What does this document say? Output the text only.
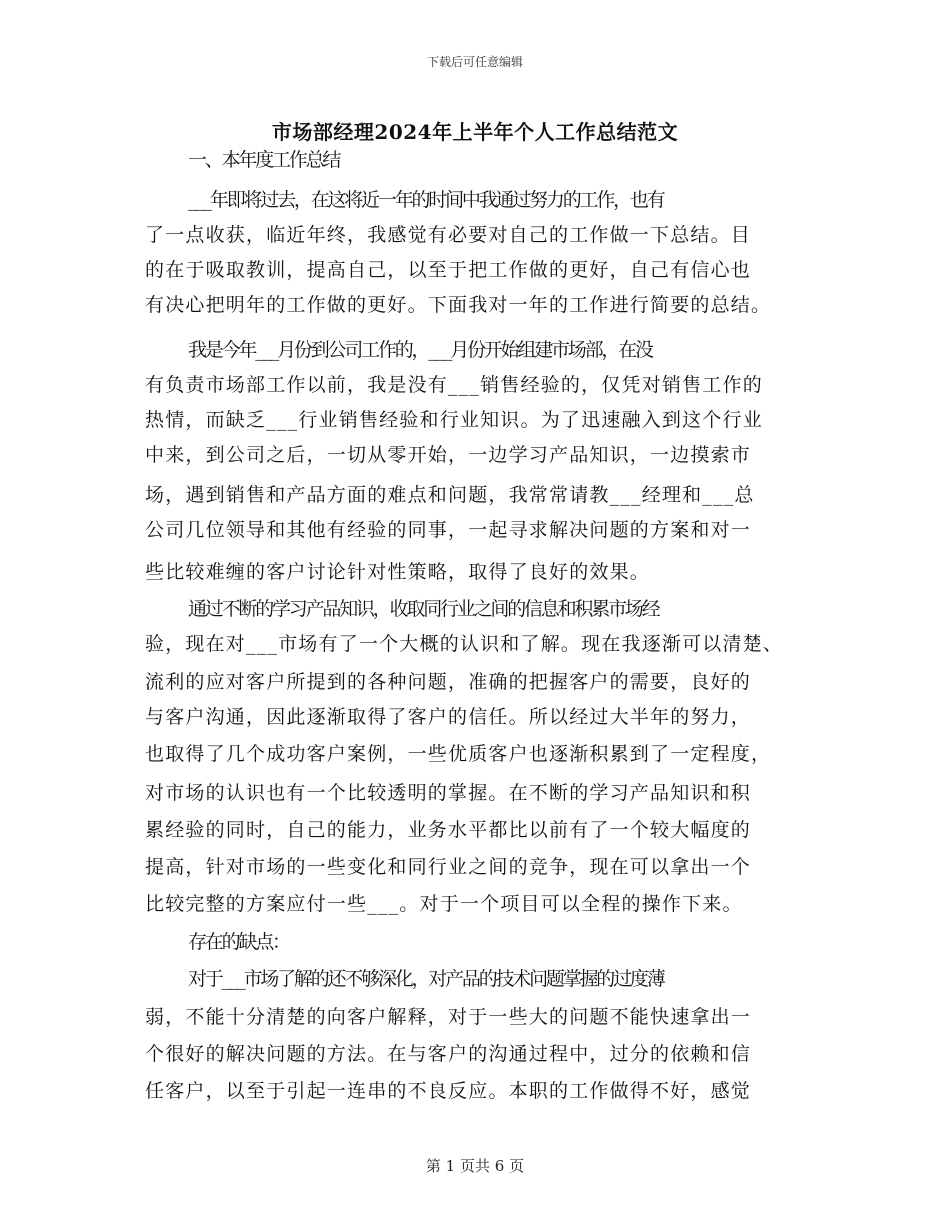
下载后可任意编辑
市场部经理2024年上半年个人工作总结范文
一、本年度工作总结
___年即将过去，在这将近一年的时间中我通过努力的工作，也有
了一点收获，临近年终，我感觉有必要对自己的工作做一下总结。目
的在于吸取教训，提高自己，以至于把工作做的更好，自己有信心也
有决心把明年的工作做的更好。下面我对一年的工作进行简要的总结。
我是今年___月份到公司工作的，___月份开始组建市场部，在没
有负责市场部工作以前，我是没有___销售经验的，仅凭对销售工作的
热情，而缺乏___行业销售经验和行业知识。为了迅速融入到这个行业
中来，到公司之后，一切从零开始，一边学习产品知识，一边摸索市
场，遇到销售和产品方面的难点和问题，我常常请教___经理和___总
公司几位领导和其他有经验的同事，一起寻求解决问题的方案和对一
些比较难缠的客户讨论针对性策略，取得了良好的效果。
通过不断的学习产品知识，收取同行业之间的信息和积累市场经
验，现在对___市场有了一个大概的认识和了解。现在我逐渐可以清楚、
流利的应对客户所提到的各种问题，准确的把握客户的需要，良好的
与客户沟通，因此逐渐取得了客户的信任。所以经过大半年的努力，
也取得了几个成功客户案例，一些优质客户也逐渐积累到了一定程度，
对市场的认识也有一个比较透明的掌握。在不断的学习产品知识和积
累经验的同时，自己的能力，业务水平都比以前有了一个较大幅度的
提高，针对市场的一些变化和同行业之间的竞争，现在可以拿出一个
比较完整的方案应付一些___。对于一个项目可以全程的操作下来。
存在的缺点：
对于___市场了解的还不够深化，对产品的技术问题掌握的过度薄
弱，不能十分清楚的向客户解释，对于一些大的问题不能快速拿出一
个很好的解决问题的方法。在与客户的沟通过程中，过分的依赖和信
任客户，以至于引起一连串的不良反应。本职的工作做得不好，感觉
第 1 页共 6 页
